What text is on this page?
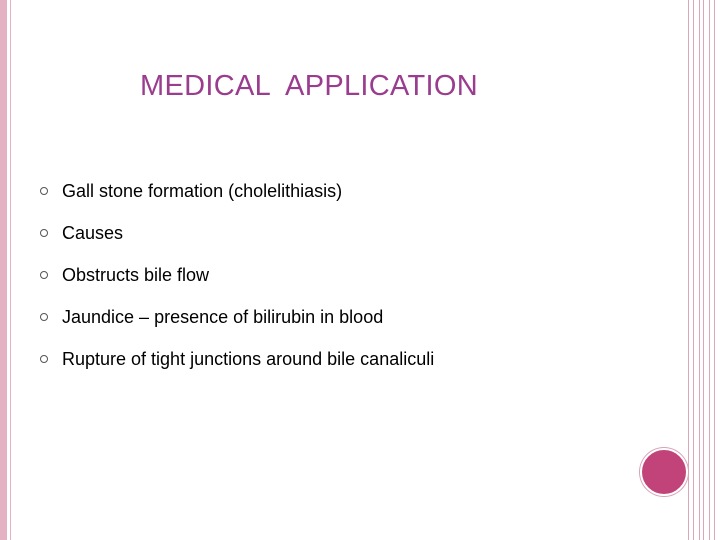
MEDICAL  APPLICATION
Gall stone formation (cholelithiasis)
Causes
Obstructs bile flow
Jaundice – presence of bilirubin in blood
Rupture of tight junctions around bile canaliculi
